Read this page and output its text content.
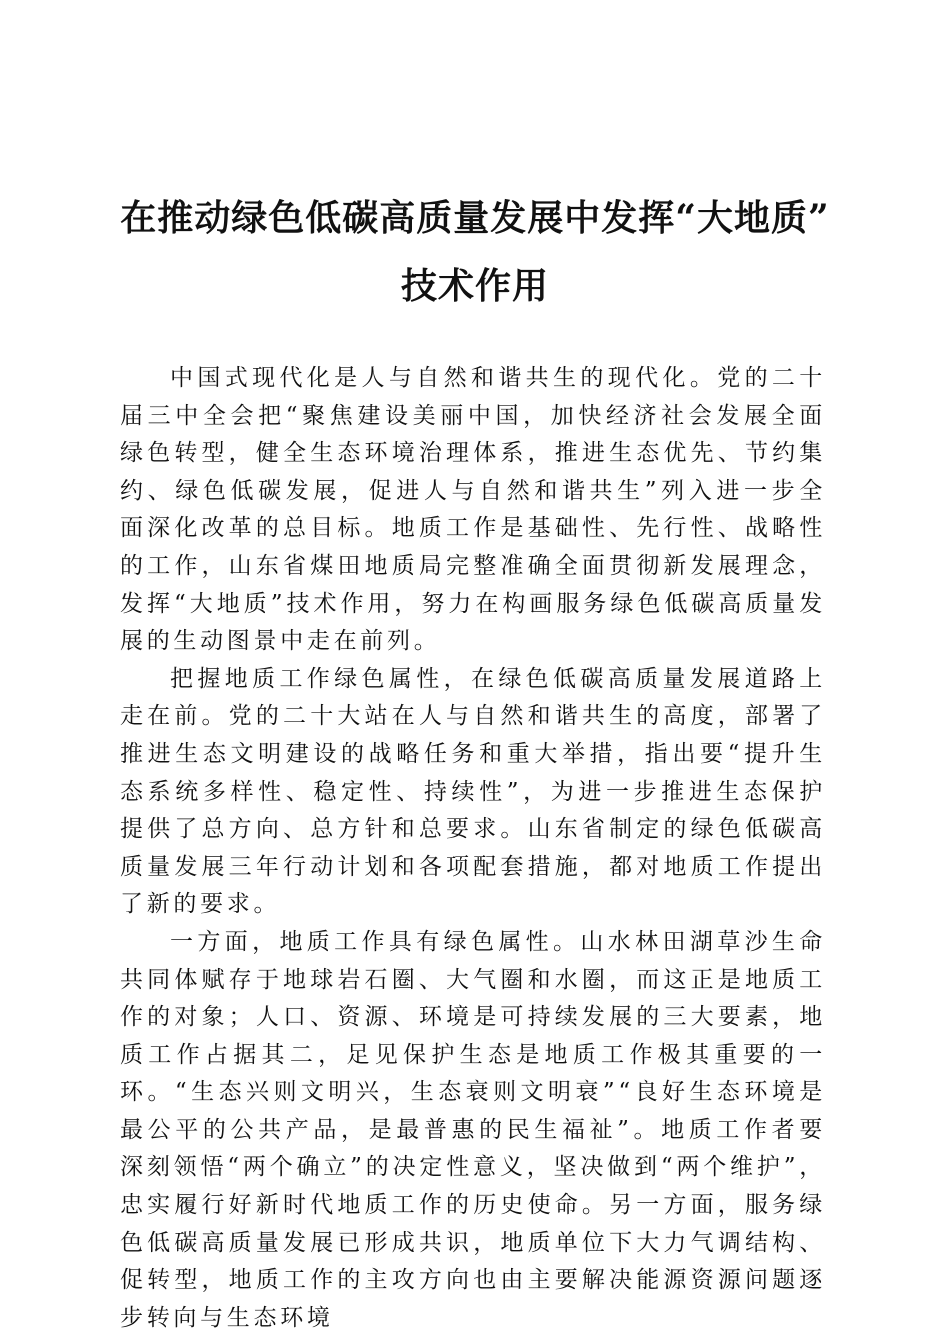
在推动绿色低碳高质量发展中发挥“大地质”
技术作用

中国式现代化是人与自然和谐共生的现代化。党的二十届三中全会把“聚焦建设美丽中国，加快经济社会发展全面绿色转型，健全生态环境治理体系，推进生态优先、节约集约、绿色低碳发展，促进人与自然和谐共生”列入进一步全面深化改革的总目标。地质工作是基础性、先行性、战略性的工作，山东省煤田地质局完整准确全面贯彻新发展理念，发挥“大地质”技术作用，努力在构画服务绿色低碳高质量发展的生动图景中走在前列。

把握地质工作绿色属性，在绿色低碳高质量发展道路上走在前。党的二十大站在人与自然和谐共生的高度，部署了推进生态文明建设的战略任务和重大举措，指出要“提升生态系统多样性、稳定性、持续性”，为进一步推进生态保护提供了总方向、总方针和总要求。山东省制定的绿色低碳高质量发展三年行动计划和各项配套措施，都对地质工作提出了新的要求。

一方面，地质工作具有绿色属性。山水林田湖草沙生命共同体赋存于地球岩石圈、大气圈和水圈，而这正是地质工作的对象；人口、资源、环境是可持续发展的三大要素，地质工作占据其二，足见保护生态是地质工作极其重要的一环。“生态兴则文明兴，生态衰则文明衰”“良好生态环境是最公平的公共产品，是最普惠的民生福祉”。地质工作者要深刻领悟“两个确立”的决定性意义，坚决做到“两个维护”，忠实履行好新时代地质工作的历史使命。另一方面，服务绿色低碳高质量发展已形成共识，地质单位下大力气调结构、促转型，地质工作的主攻方向也由主要解决能源资源问题逐步转向与生态环境
